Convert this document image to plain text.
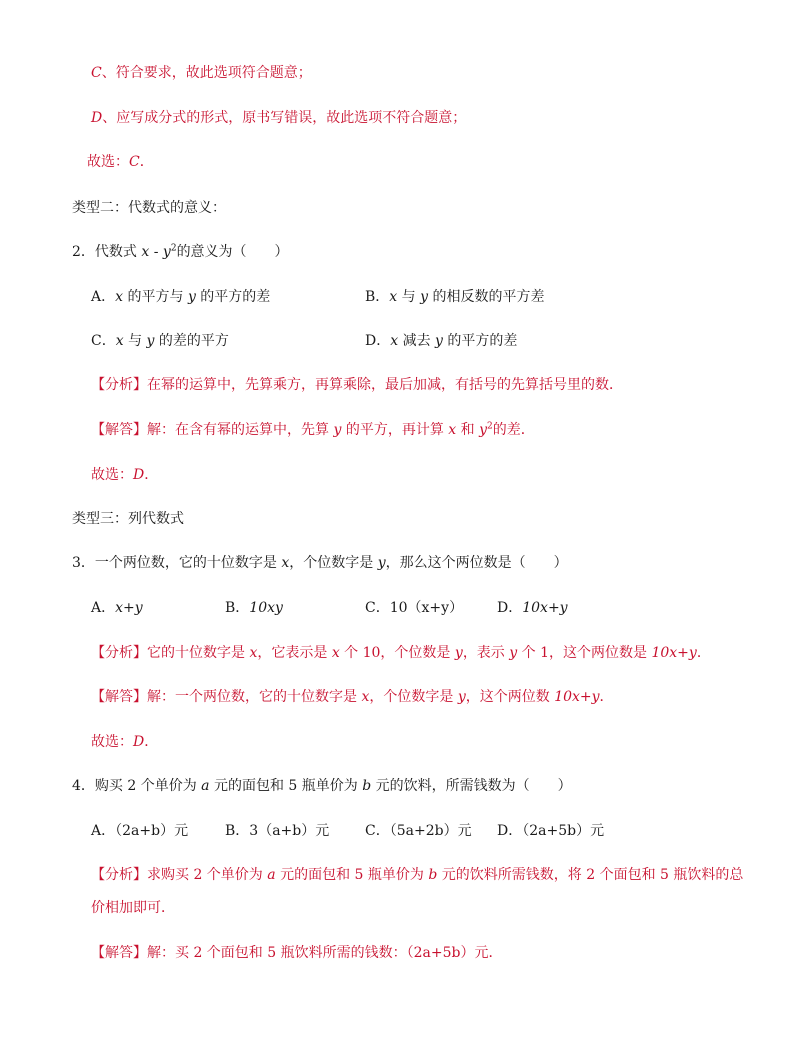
C、符合要求，故此选项符合题意；
D、应写成分式的形式，原书写错误，故此选项不符合题意；
故选：C．
类型二：代数式的意义：
2．代数式 x - $y^2$的意义为（　　）
A．x 的平方与 y 的平方的差	B．x 与 y 的相反数的平方差
C．x 与 y 的差的平方	D．x 减去 y 的平方的差
【分析】在幂的运算中，先算乘方，再算乘除，最后加减，有括号的先算括号里的数．
【解答】解：在含有幂的运算中，先算 y 的平方，再计算 x 和 $y^2$的差．
故选：D．
类型三：列代数式
3．一个两位数，它的十位数字是 x，个位数字是 y，那么这个两位数是（　　）
A．x+y	B．10xy	C．10（x+y） D．10x+y
【分析】它的十位数字是 x，它表示是 x 个 10，个位数是 y，表示 y 个 1，这个两位数是 10x+y．
【解答】解：一个两位数，它的十位数字是 x，个位数字是 y，这个两位数 10x+y．
故选：D．
4．购买 2 个单价为 a 元的面包和 5 瓶单价为 b 元的饮料，所需钱数为（　　）
A．（2a+b）元	B．3（a+b）元	C．（5a+2b）元 D．（2a+5b）元
【分析】求购买 2 个单价为 a 元的面包和 5 瓶单价为 b 元的饮料所需钱数，将 2 个面包和 5 瓶饮料的总
价相加即可．
【解答】解：买 2 个面包和 5 瓶饮料所需的钱数：（2a+5b）元．
